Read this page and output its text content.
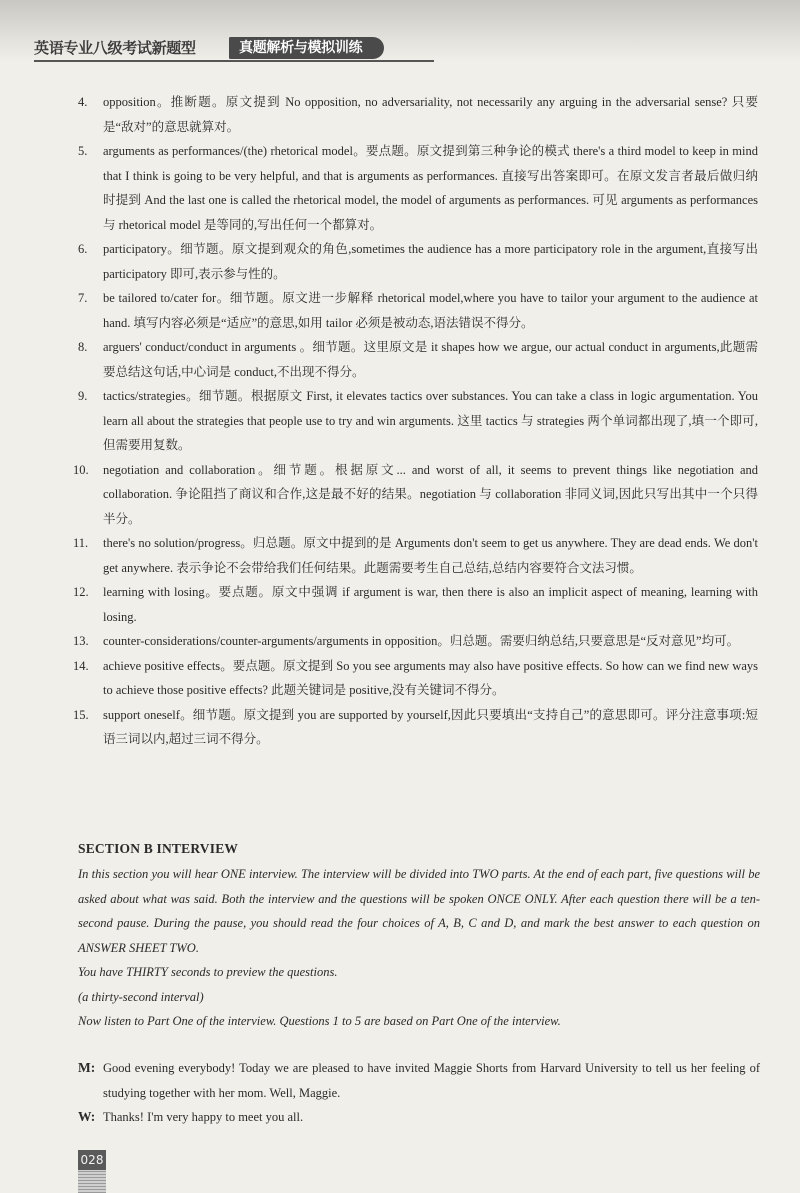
英语专业八级考试新题型	真题解析与模拟训练
4. opposition。推断题。原文提到 No opposition, no adversariality, not necessarily any arguing in the adversarial sense? 只要是“敌对”的意思就算对。
5. arguments as performances/(the) rhetorical model。要点题。原文提到第三种争论的模式 there's a third model to keep in mind that I think is going to be very helpful, and that is arguments as performances. 直接写出答案即可。在原文发言者最后做归纳时提到 And the last one is called the rhetorical model, the model of arguments as performances. 可见 arguments as performances 与 rhetorical model 是等同的,写出任何一个都算对。
6. participatory。细节题。原文提到观众的角色,sometimes the audience has a more participatory role in the argument,直接写出 participatory 即可,表示参与性的。
7. be tailored to/cater for。细节题。原文进一步解释 rhetorical model,where you have to tailor your argument to the audience at hand. 填写内容必须是“适应”的意思,如用 tailor 必须是被动态,语法错误不得分。
8. arguers' conduct/conduct in arguments 。细节题。这里原文是 it shapes how we argue, our actual conduct in arguments,此题需要总结这句话,中心词是 conduct,不出现不得分。
9. tactics/strategies。细节题。根据原文 First, it elevates tactics over substances. You can take a class in logic argumentation. You learn all about the strategies that people use to try and win arguments. 这里 tactics 与 strategies 两个单词都出现了,填一个即可,但需要用复数。
10. negotiation and collaboration。细节题。根据原文... and worst of all, it seems to prevent things like negotiation and collaboration. 争论阻挡了商议和合作,这是最不好的结果。negotiation 与 collaboration 非同义词,因此只写出其中一个只得半分。
11. there's no solution/progress。归总题。原文中提到的是 Arguments don't seem to get us anywhere. They are dead ends. We don't get anywhere. 表示争论不会带给我们任何结果。此题需要考生自己总结,总结内容要符合文法习惯。
12. learning with losing。要点题。原文中强调 if argument is war, then there is also an implicit aspect of meaning, learning with losing.
13. counter-considerations/counter-arguments/arguments in opposition。归总题。需要归纳总结,只要意思是“反对意见”均可。
14. achieve positive effects。要点题。原文提到 So you see arguments may also have positive effects. So how can we find new ways to achieve those positive effects? 此题关键词是 positive,没有关键词不得分。
15. support oneself。细节题。原文提到 you are supported by yourself,因此只要填出“支持自己”的意思即可。评分注意事项:短语三词以内,超过三词不得分。
SECTION B INTERVIEW

In this section you will hear ONE interview. The interview will be divided into TWO parts. At the end of each part, five questions will be asked about what was said. Both the interview and the questions will be spoken ONCE ONLY. After each question there will be a ten-second pause. During the pause, you should read the four choices of A, B, C and D, and mark the best answer to each question on ANSWER SHEET TWO.

You have THIRTY seconds to preview the questions.

(a thirty-second interval)

Now listen to Part One of the interview. Questions 1 to 5 are based on Part One of the interview.

M: Good evening everybody! Today we are pleased to have invited Maggie Shorts from Harvard University to tell us her feeling of studying together with her mom. Well, Maggie.
W: Thanks! I'm very happy to meet you all.
028
